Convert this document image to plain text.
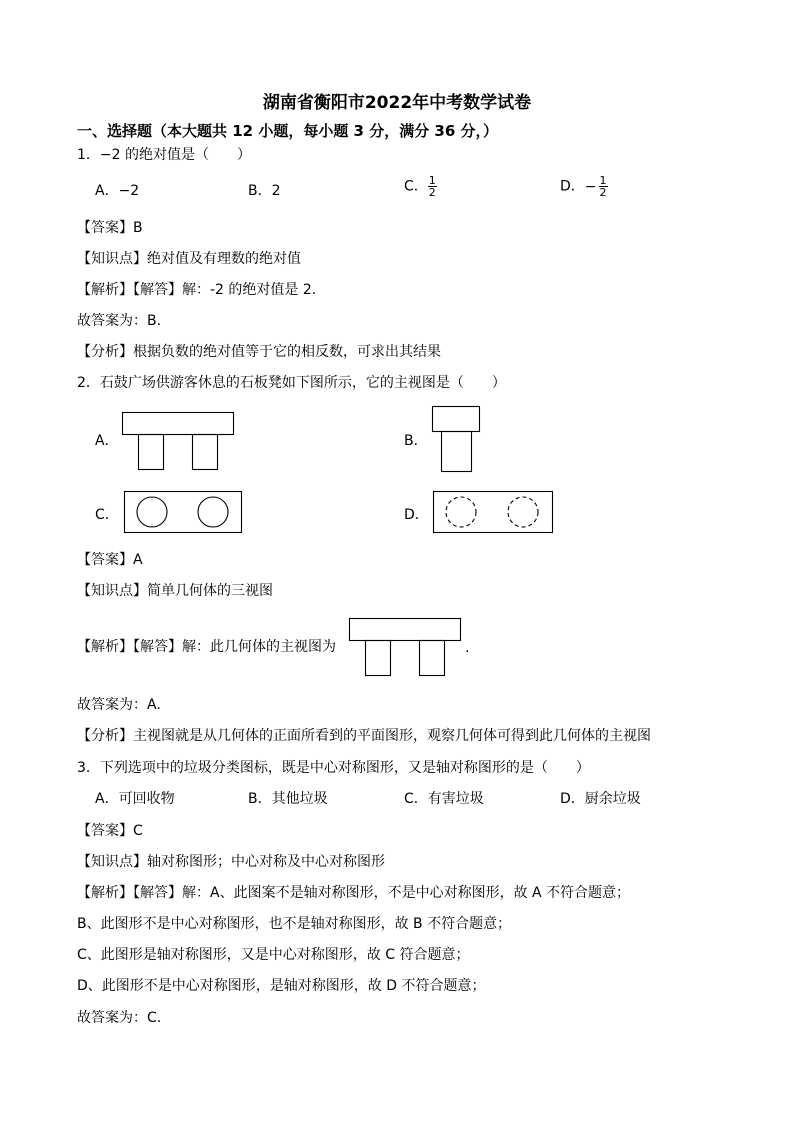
湖南省衡阳市2022年中考数学试卷
一、选择题（本大题共 12 小题，每小题 3 分，满分 36 分，）
1．−2 的绝对值是（　　）
A．−2	B．2	C． $\frac{1}{2}$	D．− $\frac{1}{2}$
【答案】B
【知识点】绝对值及有理数的绝对值
【解析】【解答】解：-2 的绝对值是 2.
故答案为：B.
【分析】根据负数的绝对值等于它的相反数，可求出其结果
2．石鼓广场供游客休息的石板凳如下图所示，它的主视图是（　　）
A．	B．
C．	D．
【答案】A
【知识点】简单几何体的三视图
【解析】【解答】解：此几何体的主视图为	.
故答案为：A.
【分析】主视图就是从几何体的正面所看到的平面图形，观察几何体可得到此几何体的主视图
3．下列选项中的垃圾分类图标，既是中心对称图形，又是轴对称图形的是（　　）
A．可回收物	B．其他垃圾	C．有害垃圾	D．厨余垃圾
【答案】C
【知识点】轴对称图形；中心对称及中心对称图形
【解析】【解答】解：A、此图案不是轴对称图形，不是中心对称图形，故 A 不符合题意；
B、此图形不是中心对称图形，也不是轴对称图形，故 B 不符合题意；
C、此图形是轴对称图形，又是中心对称图形，故 C 符合题意；
D、此图形不是中心对称图形，是轴对称图形，故 D 不符合题意；
故答案为：C.
